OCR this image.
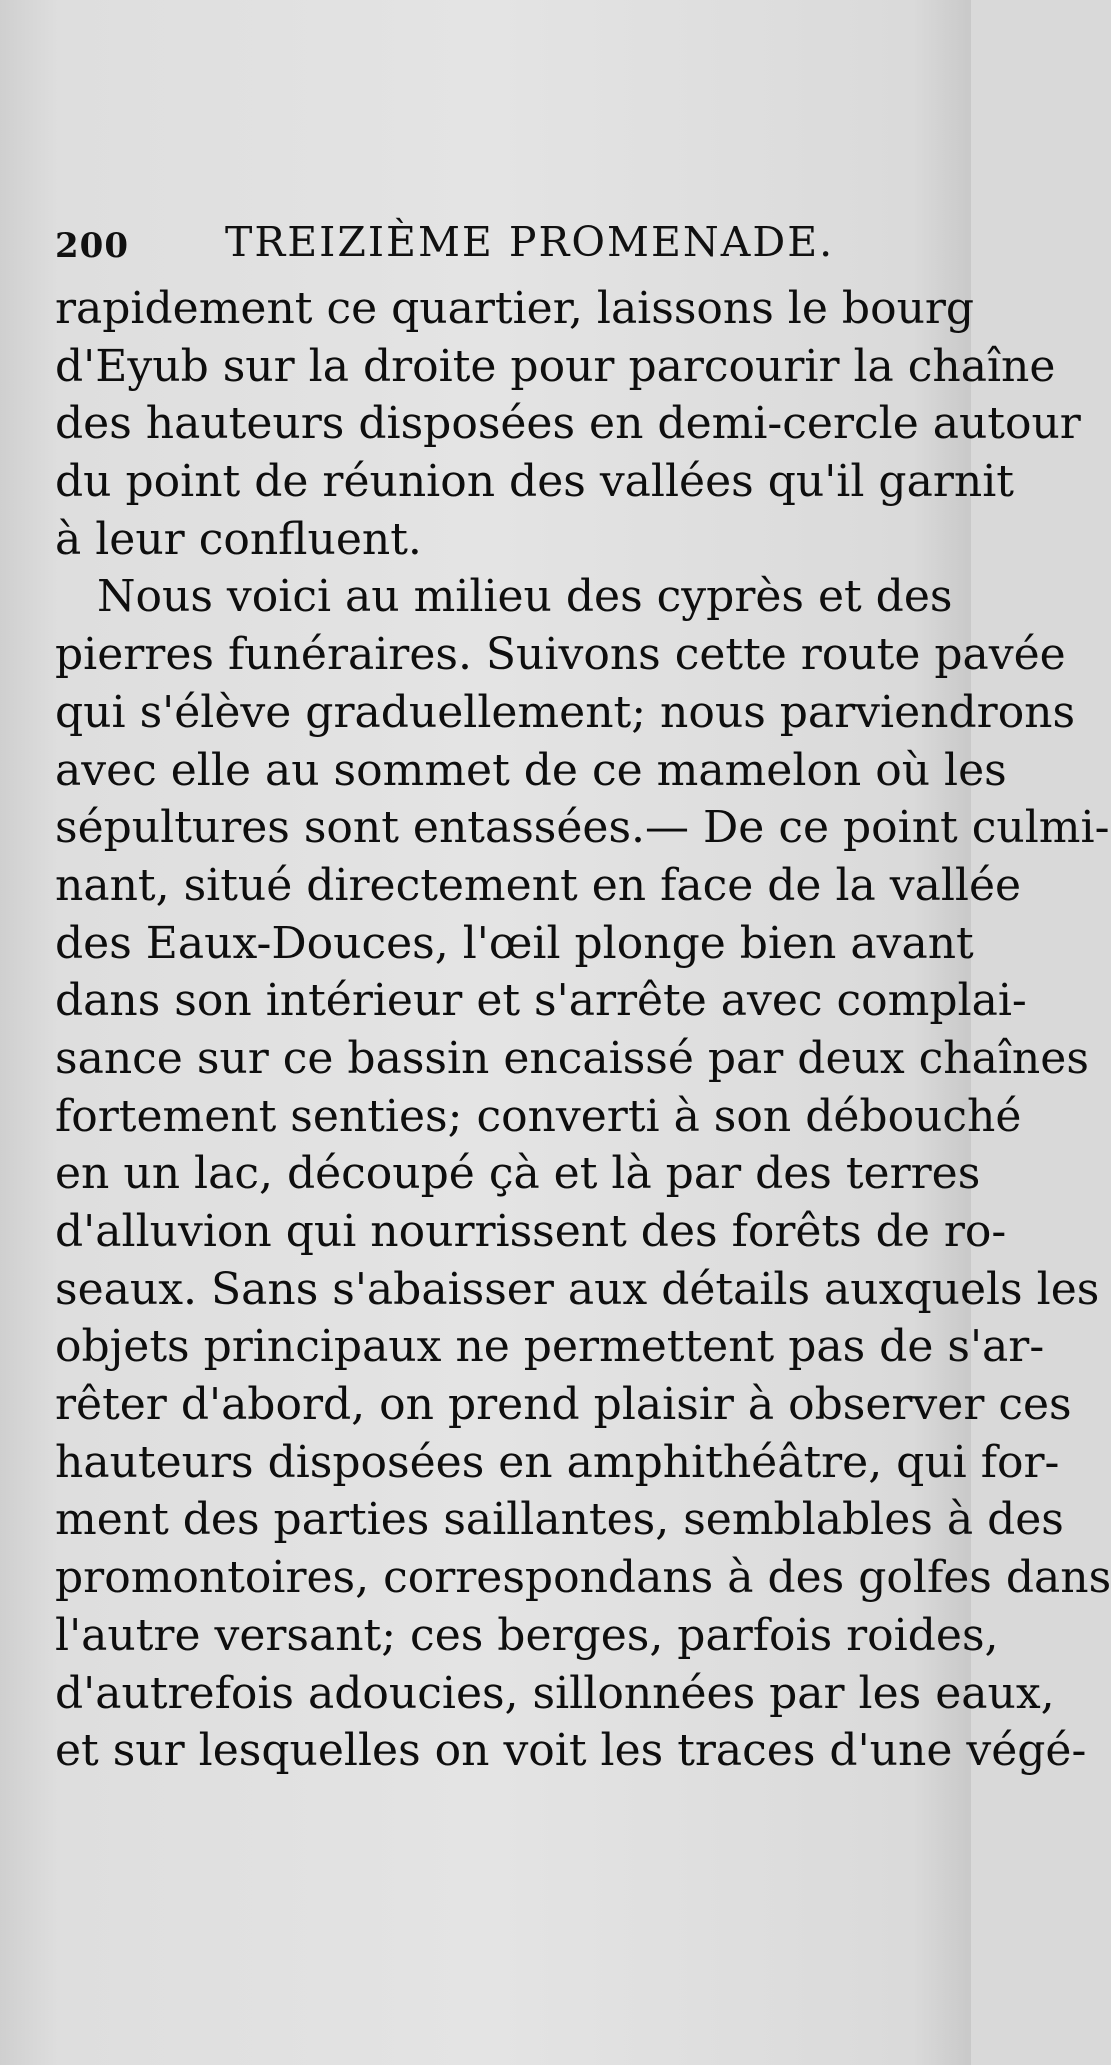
200 TREIZIÈME PROMENADE.
rapidement ce quartier, laissons le bourg
d'Eyub sur la droite pour parcourir la chaîne
des hauteurs disposées en demi-cercle autour
du point de réunion des vallées qu'il garnit
à leur confluent.
Nous voici au milieu des cyprès et des
pierres funéraires. Suivons cette route pavée
qui s'élève graduellement; nous parviendrons
avec elle au sommet de ce mamelon où les
sépultures sont entassées.— De ce point culmi-
nant, situé directement en face de la vallée
des Eaux-Douces, l'œil plonge bien avant
dans son intérieur et s'arrête avec complai-
sance sur ce bassin encaissé par deux chaînes
fortement senties; converti à son débouché
en un lac, découpé çà et là par des terres
d'alluvion qui nourrissent des forêts de ro-
seaux. Sans s'abaisser aux détails auxquels les
objets principaux ne permettent pas de s'ar-
rêter d'abord, on prend plaisir à observer ces
hauteurs disposées en amphithéâtre, qui for-
ment des parties saillantes, semblables à des
promontoires, correspondans à des golfes dans
l'autre versant; ces berges, parfois roides,
d'autrefois adoucies, sillonnées par les eaux,
et sur lesquelles on voit les traces d'une végé-
